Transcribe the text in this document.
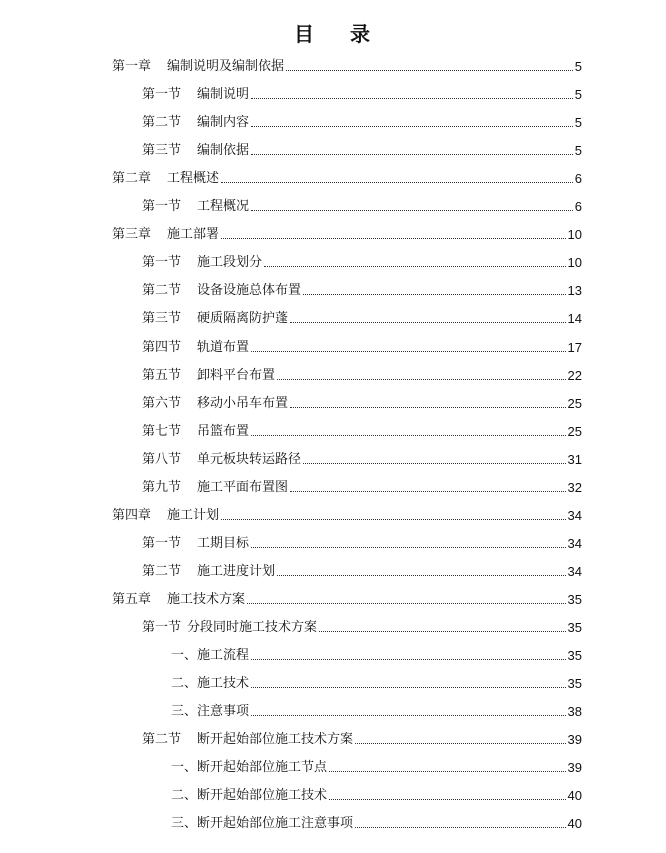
目 录
第一章 编制说明及编制依据	5
第一节 编制说明	5
第二节 编制内容	5
第三节 编制依据	5
第二章 工程概述	6
第一节 工程概况	6
第三章 施工部署	10
第一节 施工段划分	10
第二节 设备设施总体布置	13
第三节 硬质隔离防护蓬	14
第四节 轨道布置	17
第五节 卸料平台布置	22
第六节 移动小吊车布置	25
第七节 吊篮布置	25
第八节 单元板块转运路径	31
第九节 施工平面布置图	32
第四章 施工计划	34
第一节 工期目标	34
第二节 施工进度计划	34
第五章 施工技术方案	35
第一节 分段同时施工技术方案	35
一、 施工流程	35
二、 施工技术	35
三、 注意事项	38
第二节 断开起始部位施工技术方案	39
一、 断开起始部位施工节点	39
二、 断开起始部位施工技术	40
三、 断开起始部位施工注意事项	40
